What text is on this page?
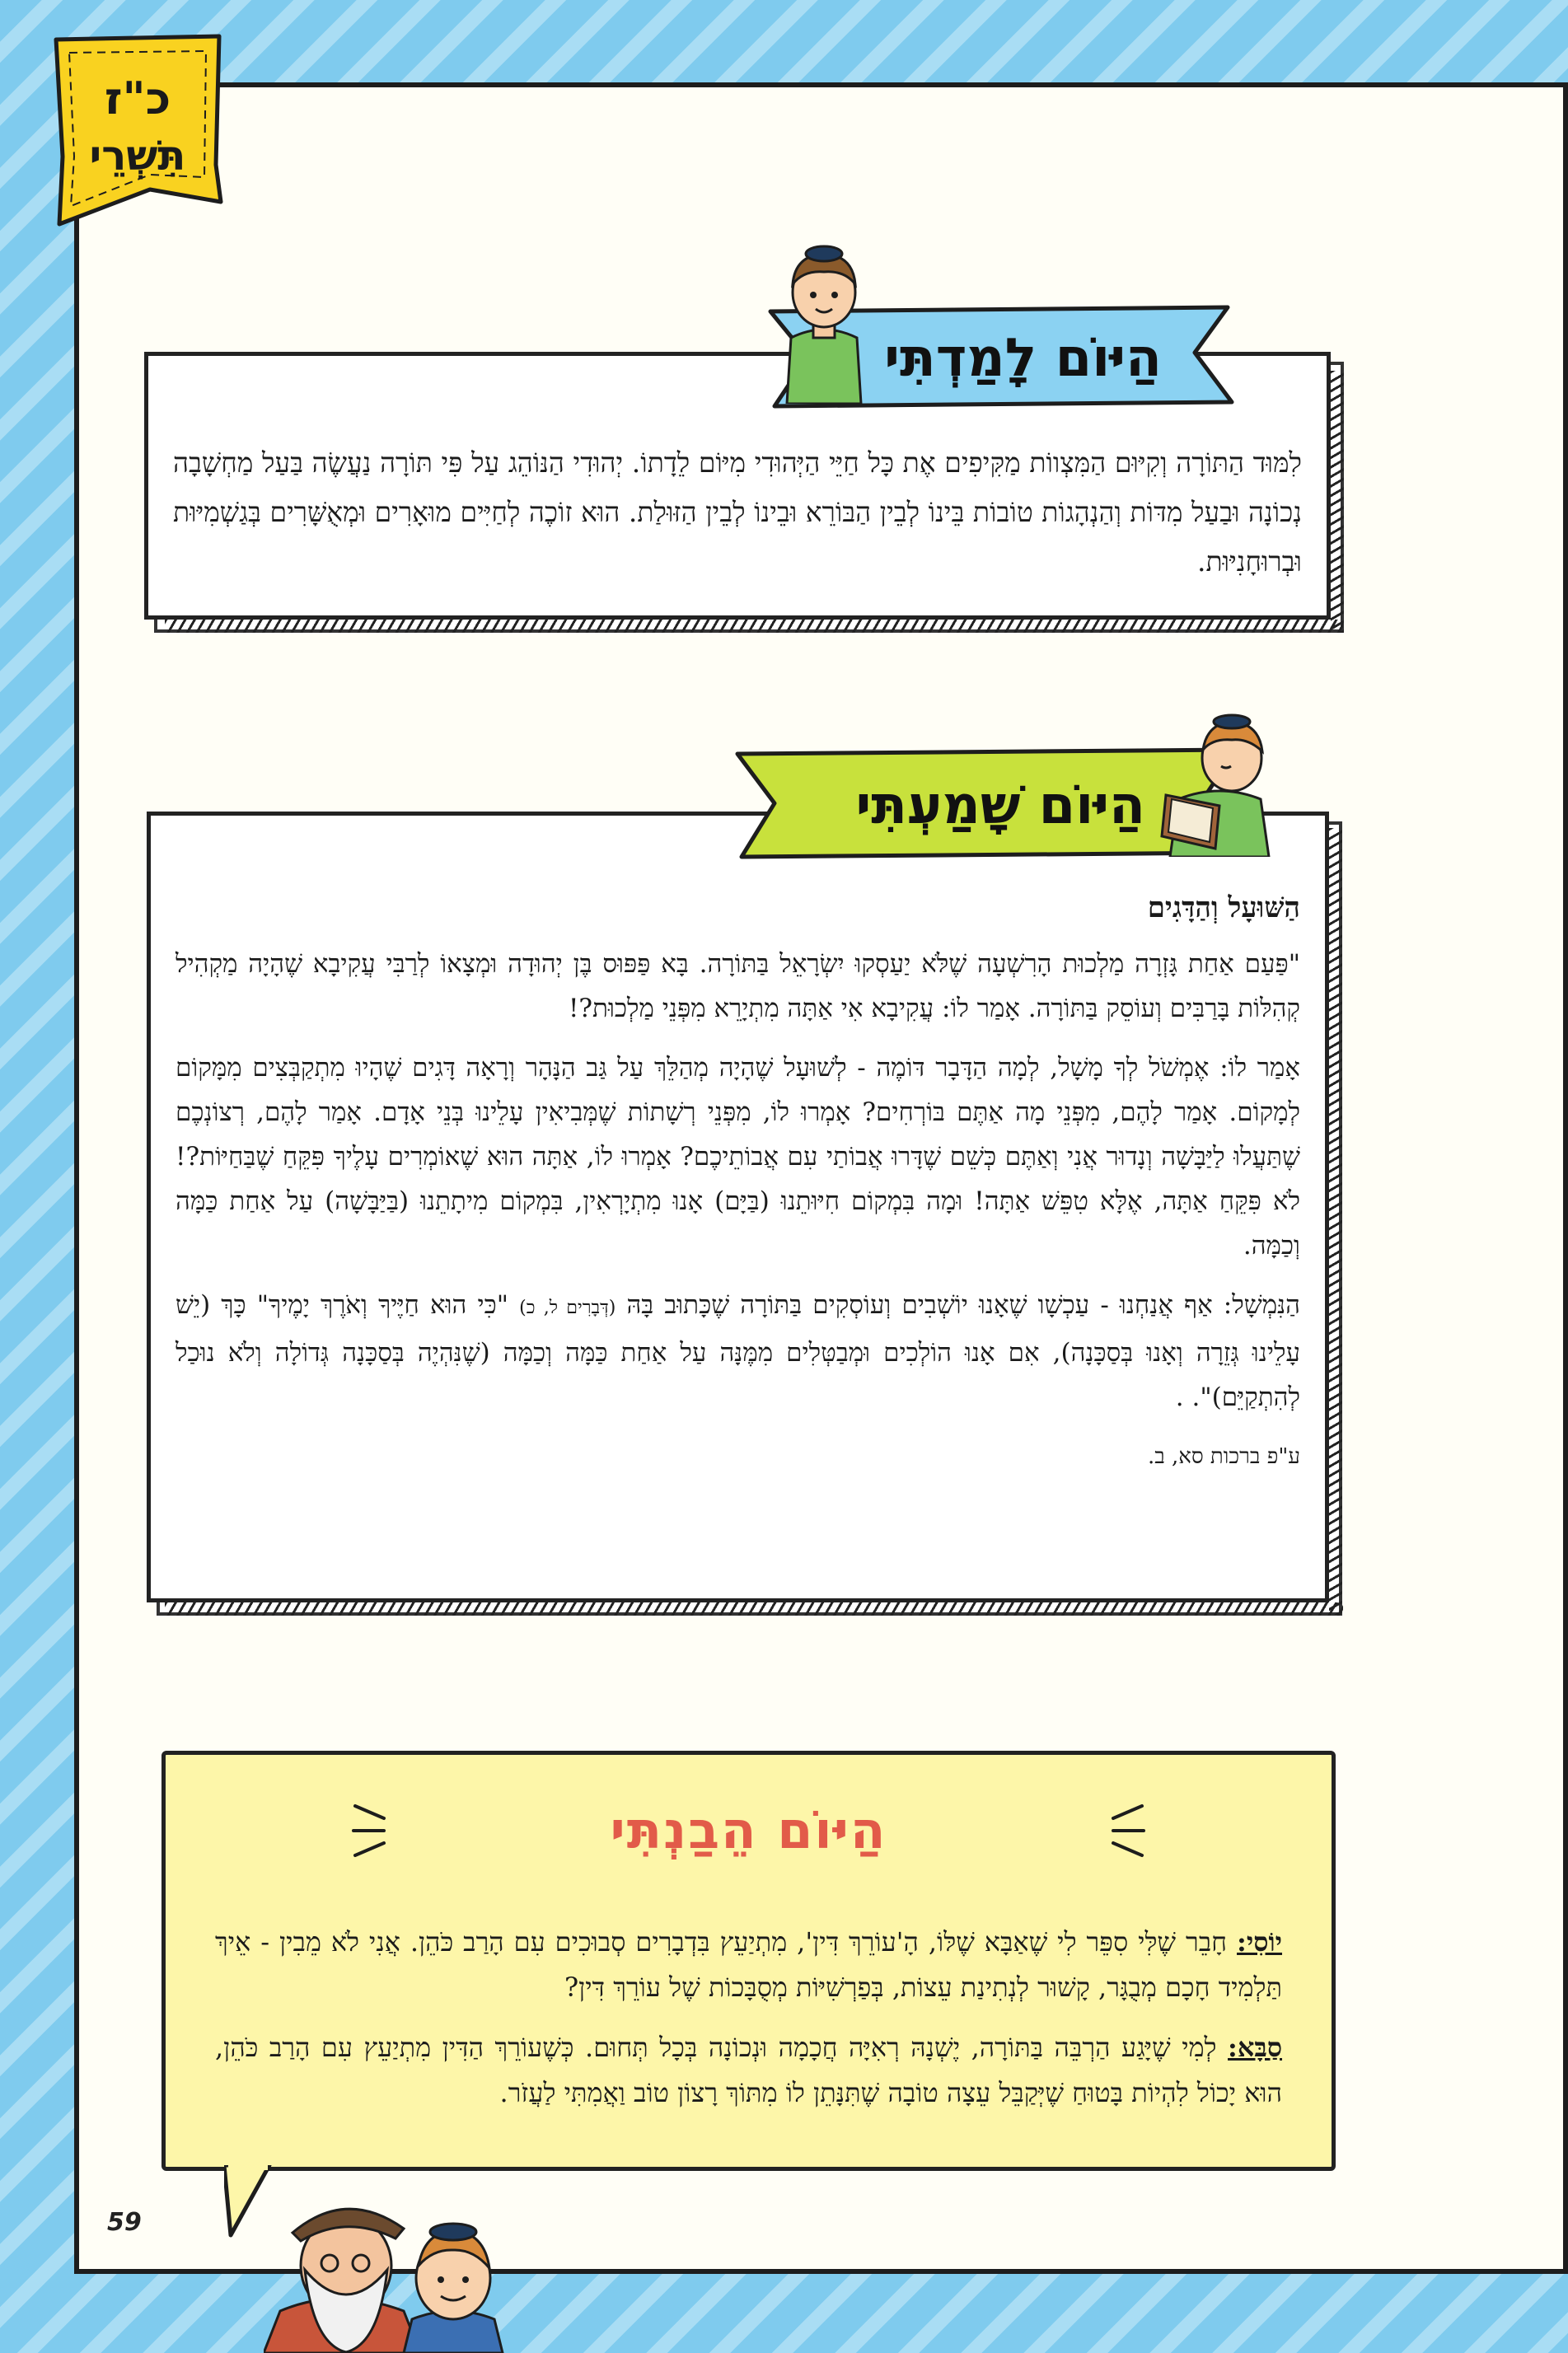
כ"ז
תִּשְׁרֵי
לִמּוּד הַתּוֹרָה וְקִיּוּם הַמִּצְווֹת מַקִּיפִים אֶת כָּל חַיֵּי הַיְּהוּדִי מִיּוֹם לֵדָתוֹ. יְהוּדִי הַנּוֹהֵג עַל פִּי תּוֹרָה נַעֲשֶׂה בַּעַל מַחְשָׁבָה נְכוֹנָה וּבַעַל מִדּוֹת וְהַנְהָגוֹת טוֹבוֹת בֵּינוֹ לְבֵין הַבּוֹרֵא וּבֵינוֹ לְבֵין הַזּוּלַת. הוּא זוֹכֶה לְחַיִּים מוּאָרִים וּמְאֻשָּׁרִים בְּגַשְׁמִיּוּת וּבְרוּחָנִיּוּת.
הַיּוֹם לָמַדְתִּי

הַשּׁוּעָל וְהַדָּגִים

"פַּעַם אַחַת גָּזְרָה מַלְכוּת הָרִשְׁעָה שֶׁלֹּא יַעַסְקוּ יִשְׂרָאֵל בַּתּוֹרָה. בָּא פַּפּוּס בֶּן יְהוּדָה וּמְצָאוֹ לְרַבִּי עֲקִיבָא שֶׁהָיָה מַקְהִיל קְהִלּוֹת בָּרַבִּים וְעוֹסֵק בַּתּוֹרָה. אָמַר לוֹ: עֲקִיבָא אִי אַתָּה מִתְיָרֵא מִפְּנֵי מַלְכוּת?!

אָמַר לוֹ: אֶמְשֹׁל לְךָ מָשָׁל, לְמָה הַדָּבָר דּוֹמֶה - לְשׁוּעָל שֶׁהָיָה מְהַלֵּךְ עַל גַּב הַנָּהָר וְרָאָה דָּגִים שֶׁהָיוּ מִתְקַבְּצִים מִמָּקוֹם לְמָקוֹם. אָמַר לָהֶם, מִפְּנֵי מָה אַתֶּם בּוֹרְחִים? אָמְרוּ לוֹ, מִפְּנֵי רְשָׁתוֹת שֶׁמְּבִיאִין עָלֵינוּ בְּנֵי אָדָם. אָמַר לָהֶם, רְצוֹנְכֶם שֶׁתַּעֲלוּ לַיַּבָּשָׁה וְנָדוּר אֲנִי וְאַתֶּם כְּשֵׁם שֶׁדָּרוּ אֲבוֹתַי עִם אֲבוֹתֵיכֶם? אָמְרוּ לוֹ, אַתָּה הוּא שֶׁאוֹמְרִים עָלֶיךָ פִּקֵּחַ שֶׁבַּחַיּוֹת?! לֹא פִּקֵּחַ אַתָּה, אֶלָּא טִפֵּשׁ אַתָּה! וּמָה בִּמְקוֹם חִיּוּתֵנוּ (בַּיָּם) אָנוּ מִתְיָרְאִין, בִּמְקוֹם מִיתָתֵנוּ (בַּיַּבָּשָׁה) עַל אַחַת כַּמָּה וְכַמָּה.

הַנִּמְשָׁל: אַף אֲנַחְנוּ - עַכְשָׁו שֶׁאָנוּ יוֹשְׁבִים וְעוֹסְקִים בַּתּוֹרָה שֶׁכָּתוּב בָּהּ (דְּבָרִים ל, כ) "כִּי הוּא חַיֶּיךָ וְאֹרֶךְ יָמֶיךָ" כָּךְ (יֵשׁ עָלֵינוּ גְּזֵרָה וְאָנוּ בְּסַכָּנָה), אִם אָנוּ הוֹלְכִים וּמְבַטְּלִים מִמֶּנָּה עַל אַחַת כַּמָּה וְכַמָּה (שֶׁנִּהְיֶה בְּסַכָּנָה גְּדוֹלָה וְלֹא נוּכַל לְהִתְקַיֵּם)". .

ע"פ ברכות סא, ב.

הַיּוֹם שָׁמַעְתִּי
הַיּוֹם הֵבַנְתִּי

יוֹסִי: חָבֵר שֶׁלִּי סִפֵּר לִי שֶׁאַבָּא שֶׁלּוֹ, הָ'עוֹרֵךְ דִּין', מִתְיַעֵץ בִּדְבָרִים סְבוּכִים עִם הָרַב כֹּהֵן. אֲנִי לֹא מֵבִין - אֵיךְ תַּלְמִיד חָכָם מְבֻגָּר, קָשׁוּר לְנְתִינַת עֵצוֹת, בְּפַרְשִׁיּוֹת מְסֻבָּכוֹת שֶׁל עוֹרֵךְ דִּין?

סַבָּא: לְמִי שֶׁיָּגַע הַרְבֵּה בַּתּוֹרָה, יֶשְׁנָהּ רְאִיָּה חֲכָמָה וּנְכוֹנָה בְּכָל תְּחוּם. כְּשֶׁעוֹרֵךְ הַדִּין מִתְיַעֵץ עִם הָרַב כֹּהֵן, הוּא יָכוֹל לִהְיוֹת בָּטוּחַ שֶׁיְּקַבֵּל עֵצָה טוֹבָה שֶׁתִּנָּתֵן לוֹ מִתּוֹךְ רָצוֹן טוֹב וַאֲמִתִּי לַעֲזֹר.

59
